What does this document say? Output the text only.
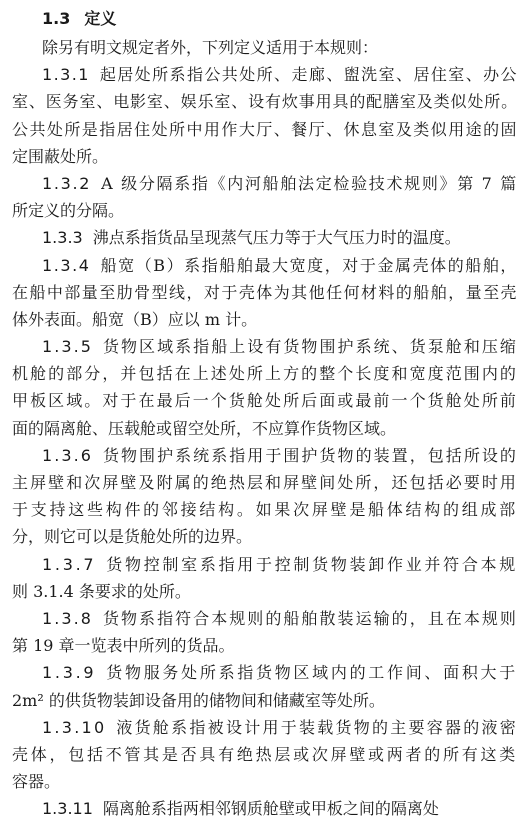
1.3 定义
除另有明文规定者外，下列定义适用于本规则：
1.3.1 起居处所系指公共处所、走廊、盥洗室、居住室、办公
室、医务室、电影室、娱乐室、设有炊事用具的配膳室及类似处所。
公共处所是指居住处所中用作大厅、餐厅、休息室及类似用途的固
定围蔽处所。
1.3.2 A 级分隔系指《内河船舶法定检验技术规则》第 7 篇
所定义的分隔。
1.3.3 沸点系指货品呈现蒸气压力等于大气压力时的温度。
1.3.4 船宽（B）系指船舶最大宽度，对于金属壳体的船舶，
在船中部量至肋骨型线，对于壳体为其他任何材料的船舶，量至壳
体外表面。船宽（B）应以 m 计。
1.3.5 货物区域系指船上设有货物围护系统、货泵舱和压缩
机舱的部分，并包括在上述处所上方的整个长度和宽度范围内的
甲板区域。对于在最后一个货舱处所后面或最前一个货舱处所前
面的隔离舱、压载舱或留空处所，不应算作货物区域。
1.3.6 货物围护系统系指用于围护货物的装置，包括所设的
主屏壁和次屏壁及附属的绝热层和屏壁间处所，还包括必要时用
于支持这些构件的邻接结构。如果次屏壁是船体结构的组成部
分，则它可以是货舱处所的边界。
1.3.7 货物控制室系指用于控制货物装卸作业并符合本规
则 3.1.4 条要求的处所。
1.3.8 货物系指符合本规则的船舶散装运输的，且在本规则
第 19 章一览表中所列的货品。
1.3.9 货物服务处所系指货物区域内的工作间、面积大于
2m² 的供货物装卸设备用的储物间和储藏室等处所。
1.3.10 液货舱系指被设计用于装载货物的主要容器的液密
壳体，包括不管其是否具有绝热层或次屏壁或两者的所有这类
容器。
1.3.11 隔离舱系指两相邻钢质舱壁或甲板之间的隔离处
